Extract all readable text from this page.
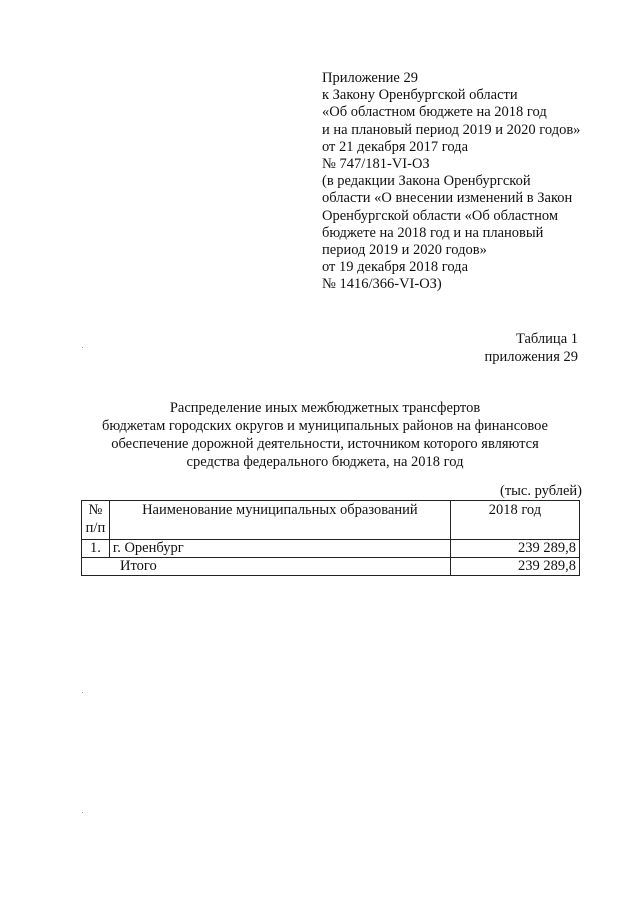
Приложение 29
к Закону Оренбургской области
«Об областном бюджете на 2018 год
и на плановый период 2019 и 2020 годов»
от 21 декабря 2017 года
№ 747/181-VI-ОЗ
(в редакции Закона Оренбургской
области «О внесении изменений в Закон
Оренбургской области «Об областном
бюджете на 2018 год и на плановый
период 2019 и 2020 годов»
от 19 декабря 2018 года
№ 1416/366-VI-ОЗ)
Таблица 1
приложения 29
Распределение иных межбюджетных трансфертов
бюджетам городских округов и муниципальных районов на финансовое
обеспечение дорожной деятельности, источником которого являются
средства федерального бюджета, на 2018 год
(тыс. рублей)
№
п/п	Наименование муниципальных образований	2018 год
1.	г. Оренбург	239 289,8
Итого		239 289,8
